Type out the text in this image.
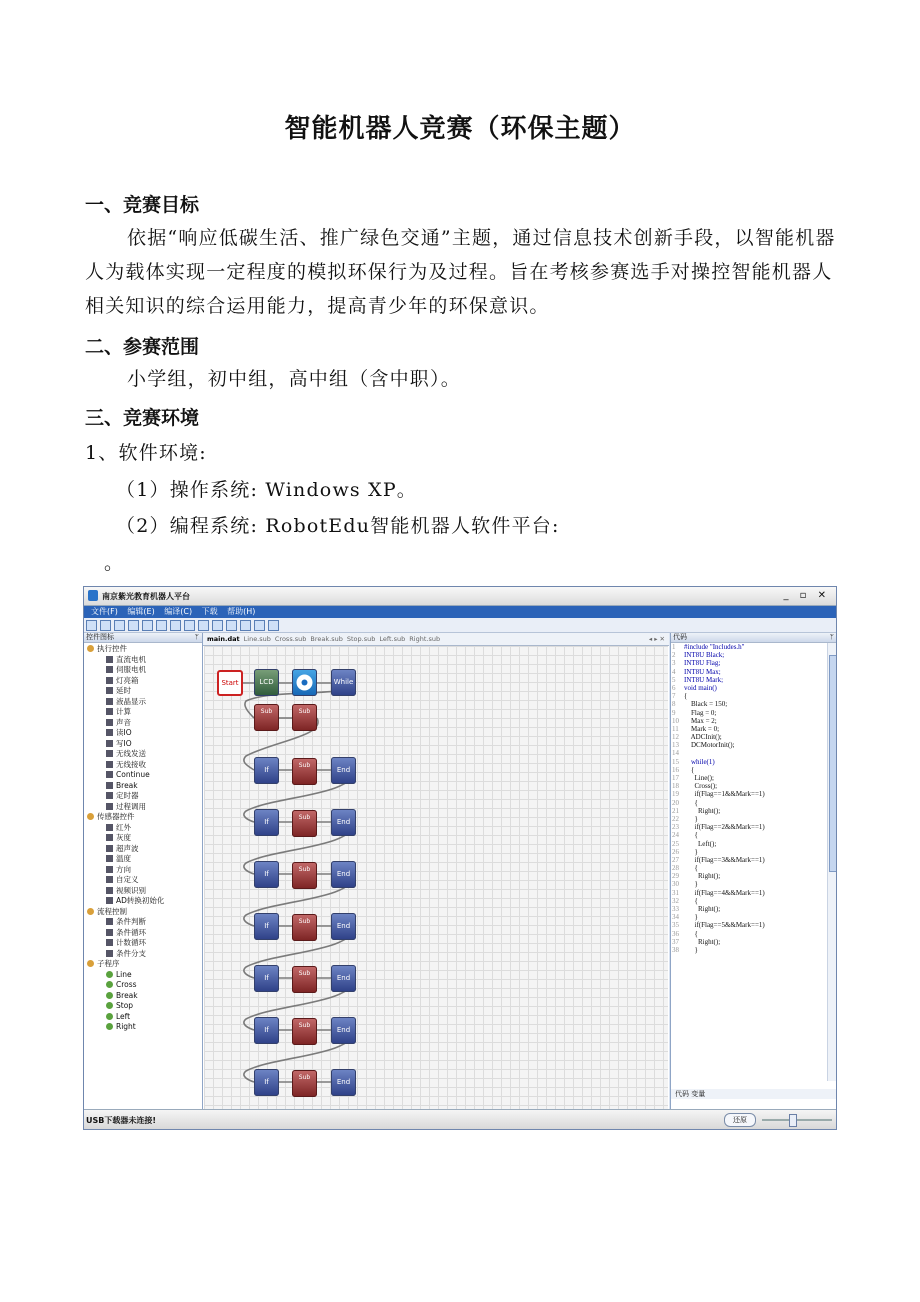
智能机器人竞赛（环保主题）
一、竞赛目标
依据“响应低碳生活、推广绿色交通”主题，通过信息技术创新手段，以智能机器人为载体实现一定程度的模拟环保行为及过程。旨在考核参赛选手对操控智能机器人相关知识的综合运用能力，提高青少年的环保意识。
二、参赛范围
小学组，初中组，高中组（含中职）。
三、竞赛环境
1、软件环境:
（1）操作系统: Windows XP。
（2）编程系统: RobotEdu智能机器人软件平台:
。
南京紫光教育机器人平台	_ ▫ ✕
文件(F) 编辑(E) 编译(C) 下载 帮助(H)
控件图标	ᛘ
执行控件
直流电机
伺服电机
灯亮箱
延时
液晶显示
计算
声音
读IO
写IO
无线发送
无线接收
Continue
Break
定时器
过程调用
传感器控件
红外
灰度
超声波
温度
方向
自定义
视频识别
AD转换初始化
流程控制
条件判断
条件循环
计数循环
条件分支
子程序
Line
Cross
Break
Stop
Left
Right
main.dat Line.sub Cross.sub Break.sub Stop.sub Left.sub Right.sub	◂ ▸ ✕
Start	LCD	While
Sub	Sub
If
Sub
End
If
Sub
End
If
Sub
End
If
Sub
End
If
Sub
End
If
Sub
End
If
Sub
End
代码	ᛘ
1 #include "Includes.h"
2 INT8U Black;
3 INT8U Flag;
4 INT8U Max;
5 INT8U Mark;
6 void main()
7 {
8    Black = 150;
9    Flag = 0;
10    Max = 2;
11    Mark = 0;
12    ADCInit();
13    DCMotorInit();
14
15    while(1)
16    {
17      Line();
18      Cross();
19      if(Flag==1&&Mark==1)
20      {
21        Right();
22      }
23      if(Flag==2&&Mark==1)
24      {
25        Left();
26      }
27      if(Flag==3&&Mark==1)
28      {
29        Right();
30      }
31      if(Flag==4&&Mark==1)
32      {
33        Right();
34      }
35      if(Flag==5&&Mark==1)
36      {
37        Right();
38      }
代码 变量
USB下载器未连接!	还原
